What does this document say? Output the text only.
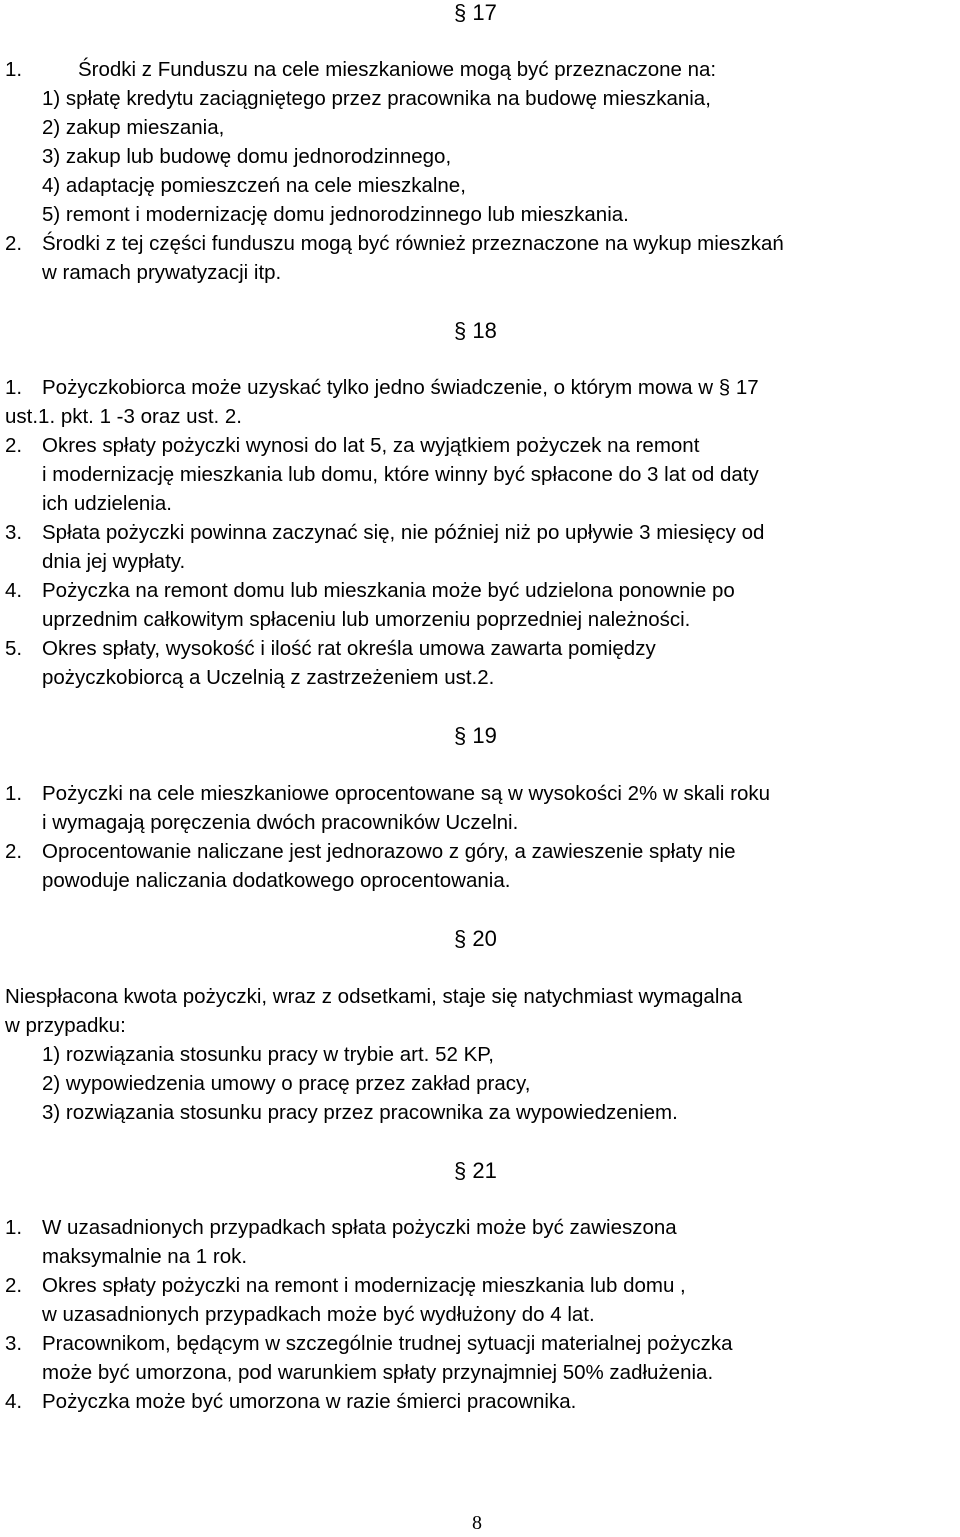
§ 17
1.	Środki z Funduszu na cele mieszkaniowe mogą być przeznaczone na:
1) spłatę kredytu zaciągniętego przez pracownika na budowę mieszkania,
2) zakup mieszania,
3) zakup lub budowę domu jednorodzinnego,
4) adaptację pomieszczeń na cele mieszkalne,
5) remont i modernizację domu jednorodzinnego lub mieszkania.
2. Środki z tej części funduszu mogą być również przeznaczone na wykup mieszkań
w ramach prywatyzacji itp.
§ 18
1. Pożyczkobiorca może uzyskać tylko jedno świadczenie, o którym mowa w § 17
ust.1. pkt. 1 -3 oraz ust. 2.
2. Okres spłaty pożyczki wynosi do lat 5, za wyjątkiem pożyczek na remont
i modernizację mieszkania lub domu, które winny być spłacone do 3 lat od daty
ich udzielenia.
3. Spłata pożyczki powinna zaczynać się, nie później niż po upływie 3 miesięcy od
dnia jej wypłaty.
4. Pożyczka na remont domu lub mieszkania może być udzielona ponownie po
uprzednim całkowitym spłaceniu lub umorzeniu poprzedniej należności.
5. Okres spłaty, wysokość i ilość rat określa umowa zawarta pomiędzy
pożyczkobiorcą a Uczelnią z zastrzeżeniem ust.2.
§ 19
1. Pożyczki na cele mieszkaniowe oprocentowane są w wysokości 2% w skali roku
i wymagają poręczenia dwóch pracowników Uczelni.
2. Oprocentowanie naliczane jest jednorazowo z góry, a zawieszenie spłaty nie
powoduje naliczania dodatkowego oprocentowania.
§ 20
Niespłacona kwota pożyczki, wraz z odsetkami, staje się natychmiast wymagalna
w przypadku:
1) rozwiązania stosunku pracy w trybie art. 52 KP,
2) wypowiedzenia umowy o pracę przez zakład pracy,
3) rozwiązania stosunku pracy przez pracownika za wypowiedzeniem.
§ 21
1. W uzasadnionych przypadkach spłata pożyczki może być zawieszona
maksymalnie na 1 rok.
2. Okres spłaty pożyczki na remont i modernizację mieszkania lub domu ,
w uzasadnionych przypadkach może być wydłużony do 4 lat.
3. Pracownikom, będącym w szczególnie trudnej sytuacji materialnej pożyczka
może być umorzona, pod warunkiem spłaty przynajmniej 50% zadłużenia.
4. Pożyczka może być umorzona w razie śmierci pracownika.
8
